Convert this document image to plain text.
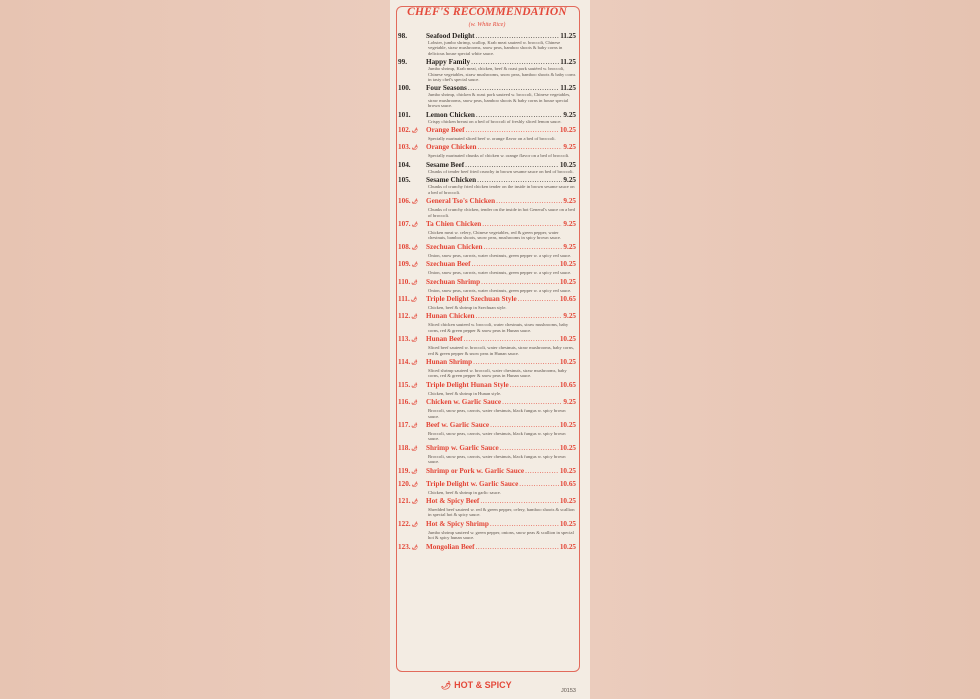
CHEF'S RECOMMENDATION
(w. White Rice)
98.	Seafood Delight .....	11.25
Lobster, jumbo shrimp, scallop, Krab meat sauteed w. broccoli, Chinese vegetable, straw mushrooms, snow peas, bamboo shoots & baby corns in delicious house special white sauce.
99.	Happy Family .....	11.25
Jumbo shrimp, Krab meat, chicken, beef & roast pork sautéed w. broccoli, Chinese vegetables, straw mushrooms, snow peas, bamboo shoots & baby corns in tasty chef's special sauce.
100.	Four Seasons .....	11.25
Jumbo shrimp, chicken & roast pork sauteed w. broccoli, Chinese vegetables, straw mushrooms, snow peas, bamboo shoots & baby corns in house special brown sauce.
101.	Lemon Chicken .....	9.25
Crispy chicken breast on a bed of broccoli of freshly sliced lemon sauce.
102.🌶	Orange Beef .....	10.25
Specially marinated sliced beef w. orange flavor on a bed of broccoli.
103.🌶	Orange Chicken .....	9.25
Specially marinated chunks of chicken w. orange flavor on a bed of broccoli.
104.	Sesame Beef .....	10.25
Chunks of tender beef fried crunchy in brown sesame sauce on bed of broccoli.
105.	Sesame Chicken .....	9.25
Chunks of crunchy fried chicken tender on the inside in brown sesame sauce on a bed of broccoli.
106.🌶	General Tso's Chicken .....	9.25
Chunks of crunchy chicken, tender on the inside in hot General's sauce on a bed of broccoli.
107.🌶	Ta Chien Chicken .....	9.25
Chicken meat w. celery, Chinese vegetables, red & green pepper, water chestnuts, bamboo shoots, snow peas, mushrooms in spicy brown sauce.
108.🌶	Szechuan Chicken .....	9.25
Onion, snow peas, carrots, water chestnuts, green pepper w. a spicy red sauce.
109.🌶	Szechuan Beef .....	10.25
Onion, snow peas, carrots, water chestnuts, green pepper w. a spicy red sauce.
110.🌶	Szechuan Shrimp .....	10.25
Onion, snow peas, carrots, water chestnuts, green pepper w. a spicy red sauce.
111.🌶	Triple Delight Szechuan Style .....	10.65
Chicken, beef & shrimp in Szechuan style.
112.🌶	Hunan Chicken .....	9.25
Sliced chicken sauteed w. broccoli, water chestnuts, straw mushrooms, baby corns, red & green pepper & snow peas in Hunan sauce.
113.🌶	Hunan Beef .....	10.25
Sliced beef sauteed w. broccoli, water chestnuts, straw mushrooms, baby corns, red & green pepper & snow peas in Hunan sauce.
114.🌶	Hunan Shrimp .....	10.25
Sliced shrimp sauteed w. broccoli, water chestnuts, straw mushrooms, baby corns, red & green pepper & snow peas in Hunan sauce.
115.🌶	Triple Delight Hunan Style .....	10.65
Chicken, beef & shrimp in Hunan style.
116.🌶	Chicken w. Garlic Sauce .....	9.25
Broccoli, snow peas, carrots, water chestnuts, black fungus w. spicy brown sauce.
117.🌶	Beef w. Garlic Sauce .....	10.25
Broccoli, snow peas, carrots, water chestnuts, black fungus w. spicy brown sauce.
118.🌶	Shrimp w. Garlic Sauce .....	10.25
Broccoli, snow peas, carrots, water chestnuts, black fungus w. spicy brown sauce.
119.🌶	Shrimp or Pork w. Garlic Sauce .....	10.25
120.🌶	Triple Delight w. Garlic Sauce .....	10.65
Chicken, beef & shrimp in garlic sauce.
121.🌶	Hot & Spicy Beef .....	10.25
Shredded beef sauteed w. red & green pepper, celery, bamboo shoots & scallion in special hot & spicy sauce.
122.🌶	Hot & Spicy Shrimp .....	10.25
Jumbo shrimp sauteed w. green pepper, onions, snow peas & scallion in special hot & spicy hunan sauce.
123.🌶	Mongolian Beef .....	10.25
🌶 HOT & SPICY
J0153
